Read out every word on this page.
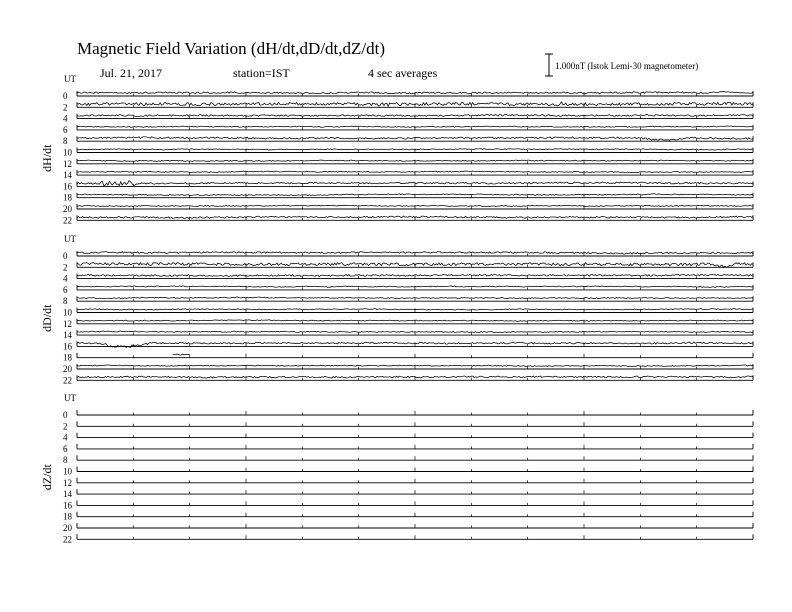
Magnetic Field Variation (dH/dt,dD/dt,dZ/dt)
Jul. 21, 2017	station=IST	4 sec averages	1.000nT (Istok Lemi-30 magnetometer)
UT
dH/dt
0
2
4
6
8
10
12
14
16
18
20
22
UT
dD/dt
0
2
4
6
8
10
12
14
16
18
20
22
UT
dZ/dt
0
2
4
6
8
10
12
14
16
18
20
22
